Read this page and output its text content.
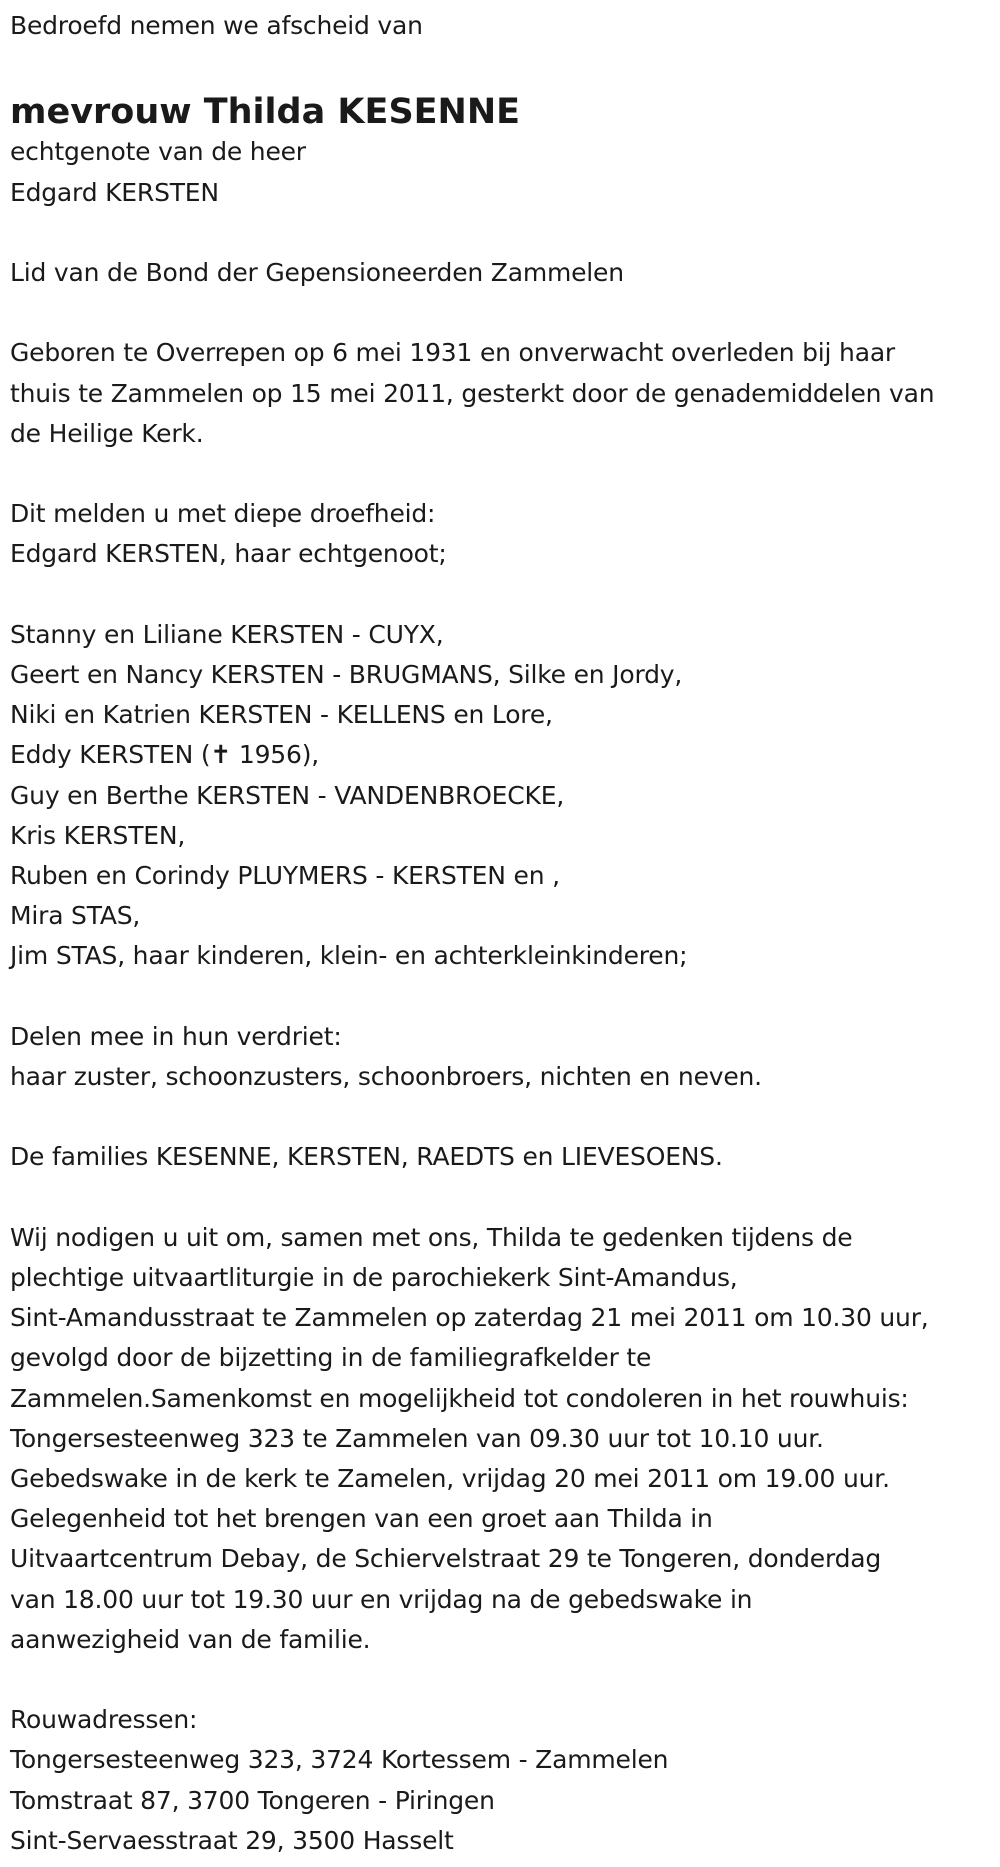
Bedroefd nemen we afscheid van
mevrouw Thilda KESENNE
echtgenote van de heer
Edgard KERSTEN
Lid van de Bond der Gepensioneerden Zammelen
Geboren te Overrepen op 6 mei 1931 en onverwacht overleden bij haar
thuis te Zammelen op 15 mei 2011, gesterkt door de genademiddelen van
de Heilige Kerk.
Dit melden u met diepe droefheid:
Edgard KERSTEN, haar echtgenoot;
Stanny en Liliane KERSTEN - CUYX,
Geert en Nancy KERSTEN - BRUGMANS, Silke en Jordy,
Niki en Katrien KERSTEN - KELLENS en Lore,
Eddy KERSTEN (✝ 1956),
Guy en Berthe KERSTEN - VANDENBROECKE,
Kris KERSTEN,
Ruben en Corindy PLUYMERS - KERSTEN en ,
Mira STAS,
Jim STAS, haar kinderen, klein- en achterkleinkinderen;
Delen mee in hun verdriet:
haar zuster, schoonzusters, schoonbroers, nichten en neven.
De families KESENNE, KERSTEN, RAEDTS en LIEVESOENS.
Wij nodigen u uit om, samen met ons, Thilda te gedenken tijdens de
plechtige uitvaartliturgie in de parochiekerk Sint-Amandus,
Sint-Amandusstraat te Zammelen op zaterdag 21 mei 2011 om 10.30 uur,
gevolgd door de bijzetting in de familiegrafkelder te
Zammelen.Samenkomst en mogelijkheid tot condoleren in het rouwhuis:
Tongersesteenweg 323 te Zammelen van 09.30 uur tot 10.10 uur.
Gebedswake in de kerk te Zamelen, vrijdag 20 mei 2011 om 19.00 uur.
Gelegenheid tot het brengen van een groet aan Thilda in
Uitvaartcentrum Debay, de Schiervelstraat 29 te Tongeren, donderdag
van 18.00 uur tot 19.30 uur en vrijdag na de gebedswake in
aanwezigheid van de familie.
Rouwadressen:
Tongersesteenweg 323, 3724 Kortessem - Zammelen
Tomstraat 87, 3700 Tongeren - Piringen
Sint-Servaesstraat 29, 3500 Hasselt
